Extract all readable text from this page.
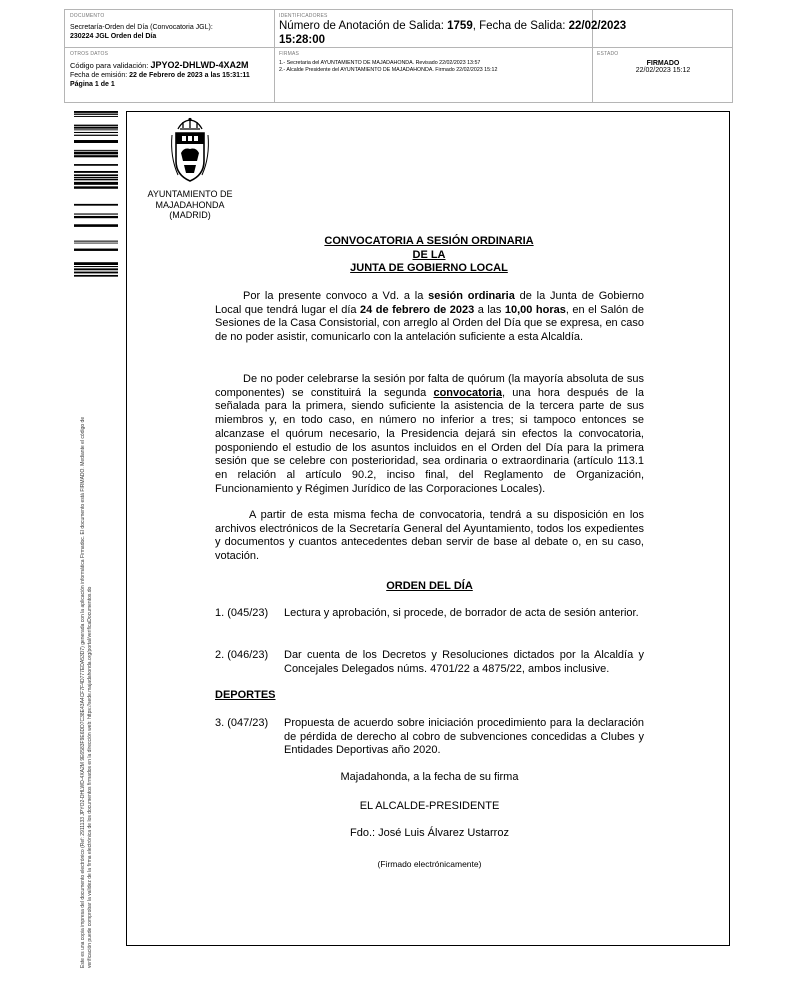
DOCUMENTO
Secretaría-Orden del Día (Convocatoria JGL):
230224 JGL Orden del Día
IDENTIFICADORES
Número de Anotación de Salida: 1759, Fecha de Salida: 22/02/2023
15:28:00
OTROS DATOS
Código para validación: JPYO2-DHLWD-4XA2M
Fecha de emisión: 22 de Febrero de 2023 a las 15:31:11
Página 1 de 1
FIRMAS
1.- Secretaria del AYUNTAMIENTO DE MAJADAHONDA. Revisado 22/02/2023 13:57
2.- Alcalde Presidente del AYUNTAMIENTO DE MAJADAHONDA. Firmado 22/02/2023 15:12
ESTADO
FIRMADO
22/02/2023 15:12
Este es una copia impresa del documento electrónico (Ref: 2911133 JPYO2-DHLWD-4XA2M 9E6583F9E6DD7C38E43A4CF7F4D777EDA53D7) generada con la aplicación informática Firmadoc. El documento está FIRMADO. Mediante el código de verificación puede comprobar la validez de la firma electrónica de los documentos firmados en la dirección web: https://sede.majadahonda.org/portal/verificaDocumentos.do
AYUNTAMIENTO DE
MAJADAHONDA
(MADRID)
CONVOCATORIA A SESIÓN ORDINARIA
DE LA
JUNTA DE GOBIERNO LOCAL

Por la presente convoco a Vd. a la sesión ordinaria de la Junta de Gobierno Local que tendrá lugar el día 24 de febrero de 2023 a las 10,00 horas, en el Salón de Sesiones de la Casa Consistorial, con arreglo al Orden del Día que se expresa, en caso de no poder asistir, comunicarlo con la antelación suficiente a esta Alcaldía.

De no poder celebrarse la sesión por falta de quórum (la mayoría absoluta de sus componentes) se constituirá la segunda convocatoria, una hora después de la señalada para la primera, siendo suficiente la asistencia de la tercera parte de sus miembros y, en todo caso, en número no inferior a tres; si tampoco entonces se alcanzase el quórum necesario, la Presidencia dejará sin efectos la convocatoria, posponiendo el estudio de los asuntos incluidos en el Orden del Día para la primera sesión que se celebre con posterioridad, sea ordinaria o extraordinaria (artículo 113.1 en relación al artículo 90.2, inciso final, del Reglamento de Organización, Funcionamiento y Régimen Jurídico de las Corporaciones Locales).

A partir de esta misma fecha de convocatoria, tendrá a su disposición en los archivos electrónicos de la Secretaría General del Ayuntamiento, todos los expedientes y documentos y cuantos antecedentes deban servir de base al debate o, en su caso, votación.

ORDEN DEL DÍA
1. (045/23)	Lectura y aprobación, si procede, de borrador de acta de sesión anterior.
2. (046/23)	Dar cuenta de los Decretos y Resoluciones dictados por la Alcaldía y Concejales Delegados núms. 4701/22 a 4875/22, ambos inclusive.
DEPORTES
3. (047/23)	Propuesta de acuerdo sobre iniciación procedimiento para la declaración de pérdida de derecho al cobro de subvenciones concedidas a Clubes y Entidades Deportivas año 2020.
Majadahonda, a la fecha de su firma
EL ALCALDE-PRESIDENTE
Fdo.: José Luis Álvarez Ustarroz
(Firmado electrónicamente)
